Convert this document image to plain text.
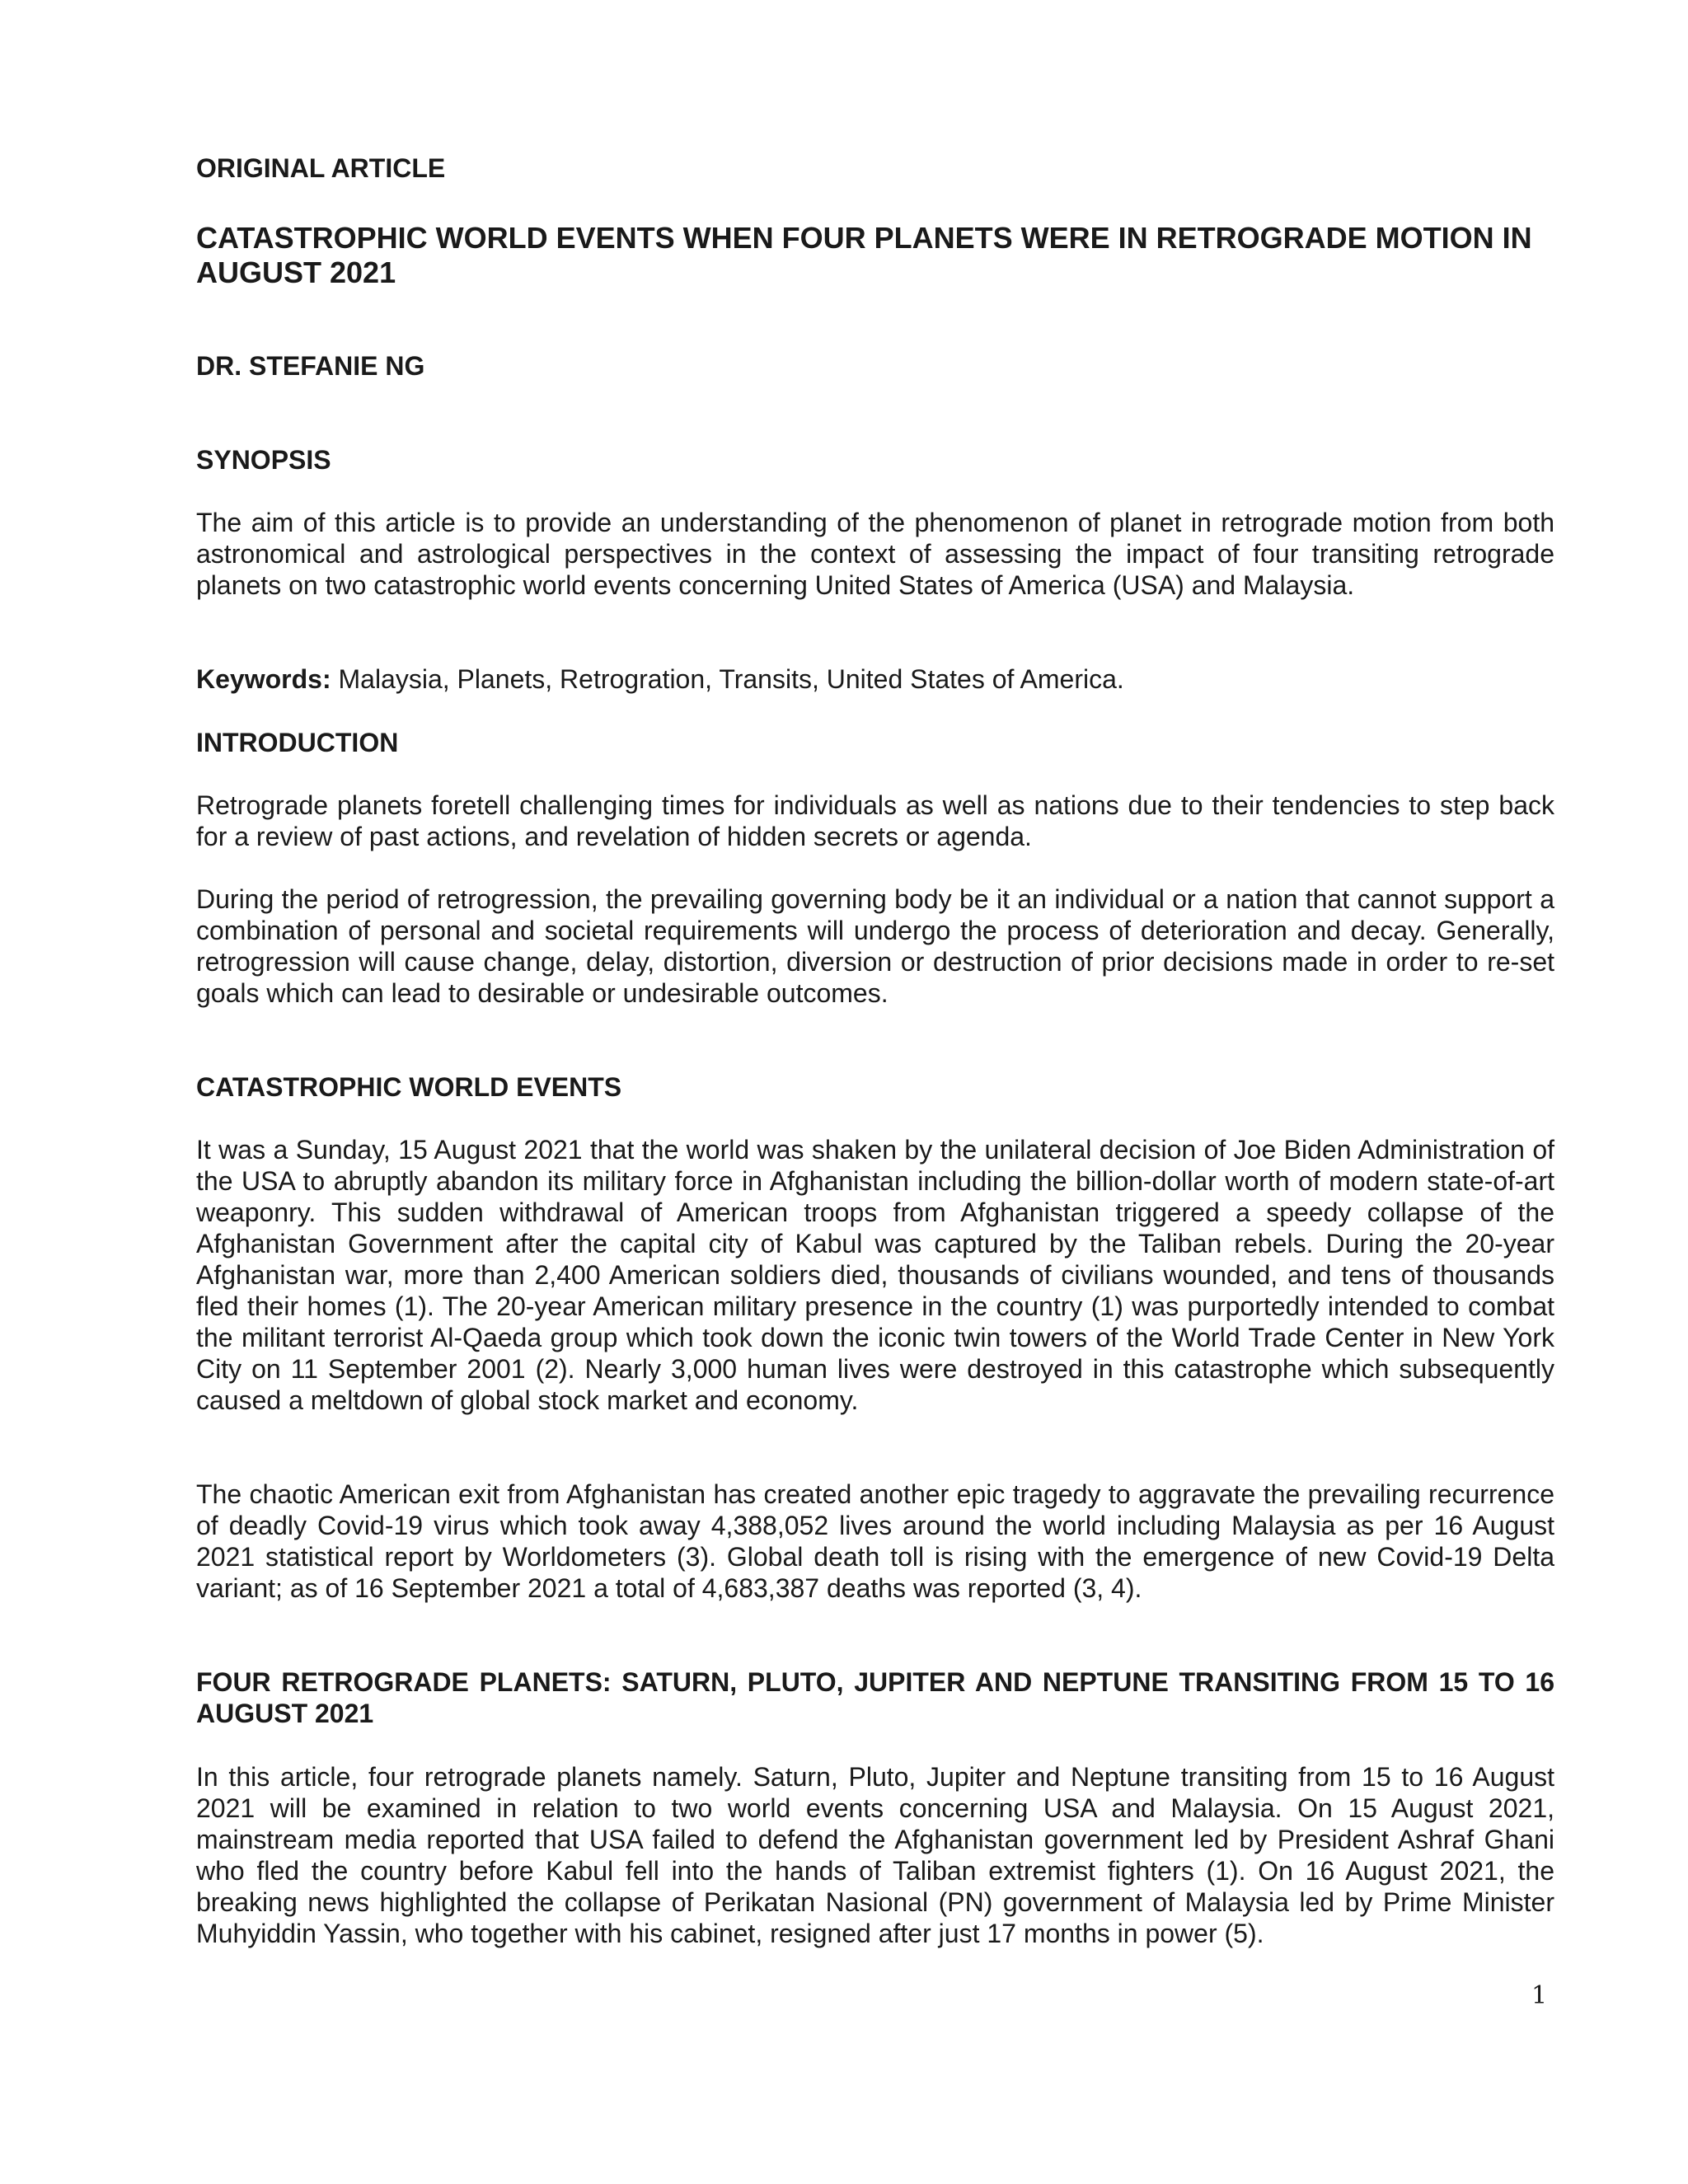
ORIGINAL ARTICLE

CATASTROPHIC WORLD EVENTS WHEN FOUR PLANETS WERE IN RETROGRADE MOTION IN AUGUST 2021

DR. STEFANIE NG

SYNOPSIS

The aim of this article is to provide an understanding of the phenomenon of planet in retrograde motion from both astronomical and astrological perspectives in the context of assessing the impact of four transiting retrograde planets on two catastrophic world events concerning United States of America (USA) and Malaysia.

Keywords: Malaysia, Planets, Retrogration, Transits, United States of America.

INTRODUCTION

Retrograde planets foretell challenging times for individuals as well as nations due to their tendencies to step back for a review of past actions, and revelation of hidden secrets or agenda.

During the period of retrogression, the prevailing governing body be it an individual or a nation that cannot support a combination of personal and societal requirements will undergo the process of deterioration and decay. Generally, retrogression will cause change, delay, distortion, diversion or destruction of prior decisions made in order to re-set goals which can lead to desirable or undesirable outcomes.

CATASTROPHIC WORLD EVENTS

It was a Sunday, 15 August 2021 that the world was shaken by the unilateral decision of Joe Biden Administration of the USA to abruptly abandon its military force in Afghanistan including the billion-dollar worth of modern state-of-art weaponry. This sudden withdrawal of American troops from Afghanistan triggered a speedy collapse of the Afghanistan Government after the capital city of Kabul was captured by the Taliban rebels. During the 20-year Afghanistan war, more than 2,400 American soldiers died, thousands of civilians wounded, and tens of thousands fled their homes (1). The 20-year American military presence in the country (1) was purportedly intended to combat the militant terrorist Al-Qaeda group which took down the iconic twin towers of the World Trade Center in New York City on 11 September 2001 (2). Nearly 3,000 human lives were destroyed in this catastrophe which subsequently caused a meltdown of global stock market and economy.

The chaotic American exit from Afghanistan has created another epic tragedy to aggravate the prevailing recurrence of deadly Covid-19 virus which took away 4,388,052 lives around the world including Malaysia as per 16 August 2021 statistical report by Worldometers (3). Global death toll is rising with the emergence of new Covid-19 Delta variant; as of 16 September 2021 a total of 4,683,387 deaths was reported (3, 4).

FOUR RETROGRADE PLANETS: SATURN, PLUTO, JUPITER AND NEPTUNE TRANSITING FROM 15 TO 16 AUGUST 2021

In this article, four retrograde planets namely. Saturn, Pluto, Jupiter and Neptune transiting from 15 to 16 August 2021 will be examined in relation to two world events concerning USA and Malaysia. On 15 August 2021, mainstream media reported that USA failed to defend the Afghanistan government led by President Ashraf Ghani who fled the country before Kabul fell into the hands of Taliban extremist fighters (1). On 16 August 2021, the breaking news highlighted the collapse of Perikatan Nasional (PN) government of Malaysia led by Prime Minister Muhyiddin Yassin, who together with his cabinet, resigned after just 17 months in power (5).

1
